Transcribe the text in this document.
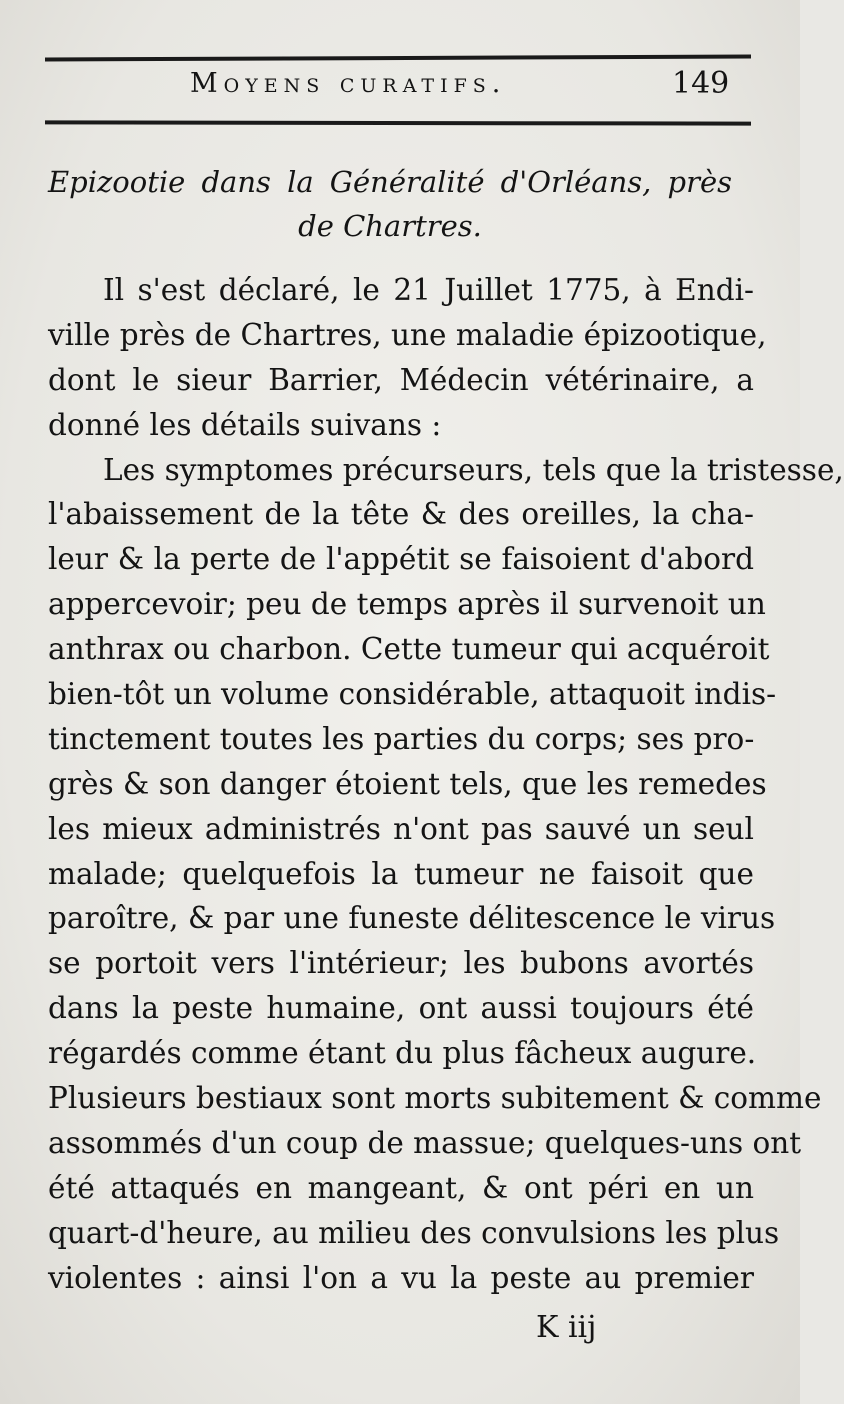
Moyens curatifs.	149
Epizootie dans la Généralité d'Orléans, près de Chartres.
Il s'est déclaré, le 21 Juillet 1775, à Endi-
ville près de Chartres, une maladie épizootique,
dont le sieur Barrier, Médecin vétérinaire, a
donné les détails suivans :
Les symptomes précurseurs, tels que la tristesse,
l'abaissement de la tête & des oreilles, la cha-
leur & la perte de l'appétit se faisoient d'abord
appercevoir; peu de temps après il survenoit un
anthrax ou charbon. Cette tumeur qui acquéroit
bien-tôt un volume considérable, attaquoit indis-
tinctement toutes les parties du corps; ses pro-
grès & son danger étoient tels, que les remedes
les mieux administrés n'ont pas sauvé un seul
malade; quelquefois la tumeur ne faisoit que
paroître, & par une funeste délitescence le virus
se portoit vers l'intérieur; les bubons avortés
dans la peste humaine, ont aussi toujours été
régardés comme étant du plus fâcheux augure.
Plusieurs bestiaux sont morts subitement & comme
assommés d'un coup de massue; quelques-uns ont
été attaqués en mangeant, & ont péri en un
quart-d'heure, au milieu des convulsions les plus
violentes : ainsi l'on a vu la peste au premier
K iij
